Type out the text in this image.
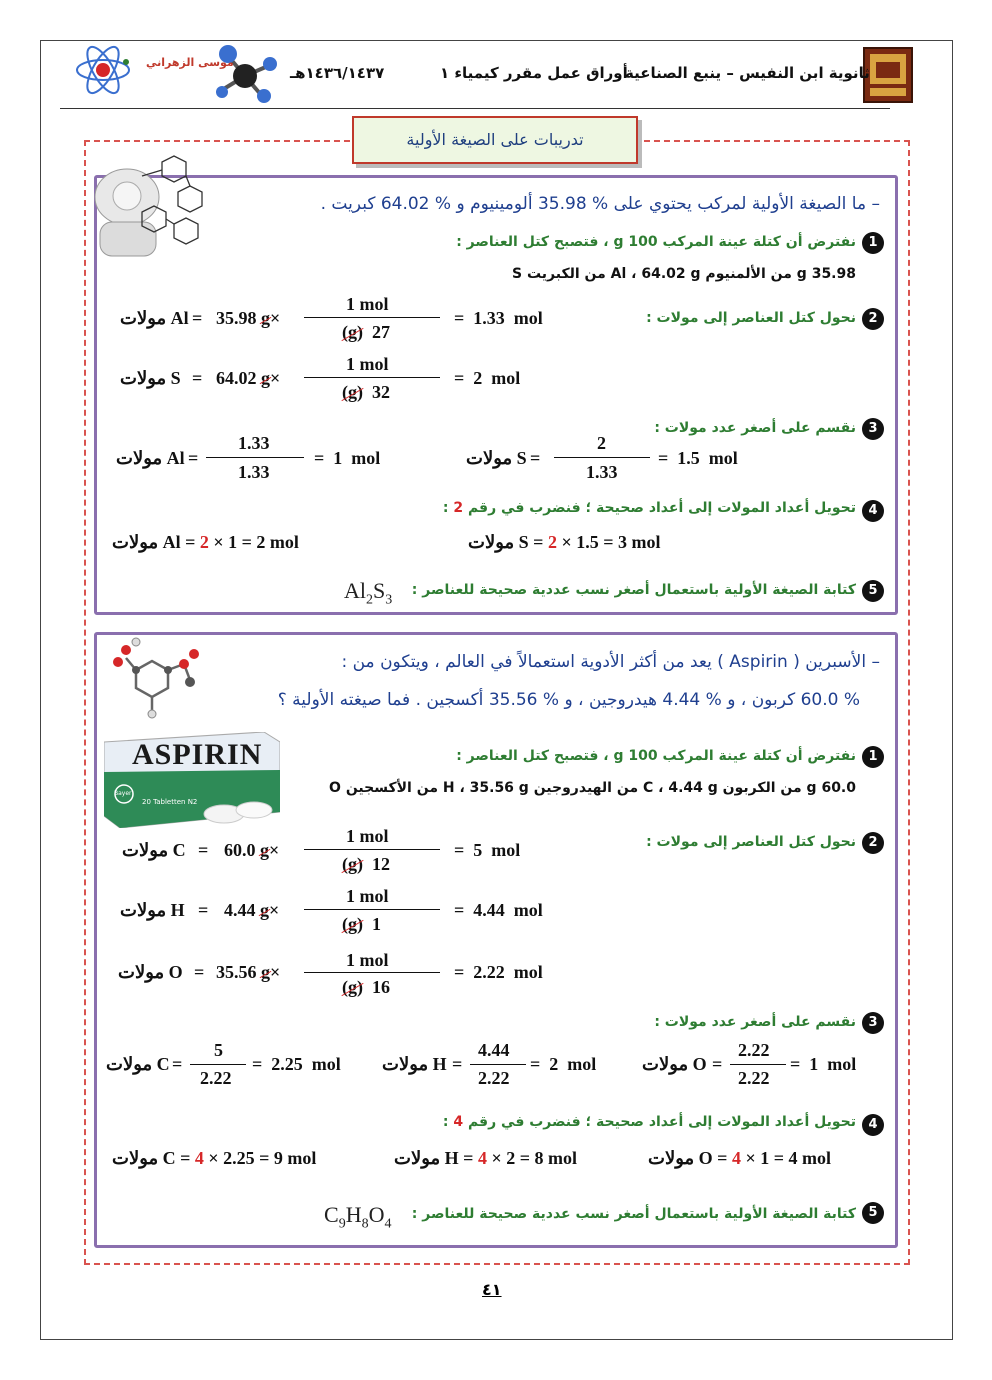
ثانوية ابن النفيس – ينبع الصناعية
أوراق عمل مقرر كيمياء ١
١٤٣٦/١٤٣٧هـ
موسى الزهراني
تدريبات على الصيغة الأولية
– ما الصيغة الأولية لمركب يحتوي على % 35.98 ألومينيوم و % 64.02 كبريت .
1
نفترض أن كتلة عينة المركب g 100 ، فتصبح كتل العناصر :
35.98 g من الألمنيوم Al ، 64.02 g من الكبريت S
2
نحول كتل العناصر إلى مولات :
Al مولات = 35.98 g×
1 mol
(g) 27
= 1.33 mol
S مولات = 64.02 g×
1 mol
(g) 32
= 2 mol
3
نقسم على أصغر عدد مولات :
Al مولات =
1.33
1.33
= 1 mol	S مولات =
2
1.33
= 1.5 mol
4
تحويل أعداد المولات إلى أعداد صحيحة ؛ فنضرب في رقم 2 :
Al مولات = 2 × 1 = 2 mol	S مولات = 2 × 1.5 = 3 mol
5
كتابة الصيغة الأولية باستعمال أصغر نسب عددية صحيحة للعناصر :
$Al_2S_3$
– الأسبرين ( Aspirin ) يعد من أكثر الأدوية استعمالاً في العالم ، ويتكون من :
% 60.0 كربون ، و % 4.44 هيدروجين ، و % 35.56 أكسجين . فما صيغته الأولية ؟
ASPIRIN
20 Tabletten N2
Bayer
1
نفترض أن كتلة عينة المركب g 100 ، فتصبح كتل العناصر :
60.0 g من الكربون C ، 4.44 g من الهيدروجين H ، 35.56 g من الأكسجين O
2
نحول كتل العناصر إلى مولات :
C مولات = 60.0 g×
1 mol
(g) 12
= 5 mol
H مولات = 4.44 g×
1 mol
(g) 1
= 4.44 mol
O مولات = 35.56 g×
1 mol
(g) 16
= 2.22 mol
3
نقسم على أصغر عدد مولات :
C مولات =
5
2.22
= 2.25 mol H مولات =
4.44
2.22
= 2 mol	O مولات =
2.22
2.22
= 1 mol
4
تحويل أعداد المولات إلى أعداد صحيحة ؛ فنضرب في رقم 4 :
C مولات = 4 × 2.25 = 9 mol	H مولات = 4 × 2 = 8 mol	O مولات = 4 × 1 = 4 mol
5
كتابة الصيغة الأولية باستعمال أصغر نسب عددية صحيحة للعناصر :
$C_9H_8O_4$
٤١
